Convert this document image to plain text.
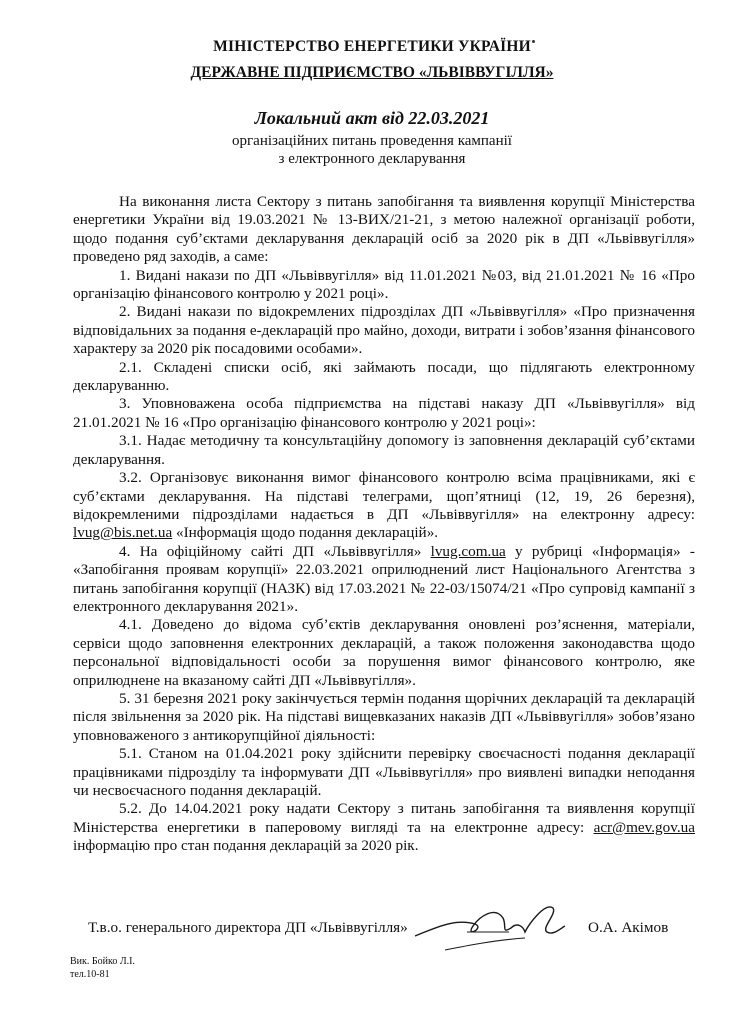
МІНІСТЕРСТВО ЕНЕРГЕТИКИ УКРАЇНИ
ДЕРЖАВНЕ ПІДПРИЄМСТВО «ЛЬВІВВУГІЛЛЯ»
Локальний акт від 22.03.2021
організаційних питань проведення кампанії
з електронного декларування

На виконання листа Сектору з питань запобігання та виявлення корупції Міністерства енергетики України від 19.03.2021 № 13-ВИХ/21-21, з метою належної організації роботи, щодо подання суб’єктами декларування декларацій осіб за 2020 рік в ДП «Львіввугілля» проведено ряд заходів, а саме:

1. Видані накази по ДП «Львіввугілля» від 11.01.2021 №03, від 21.01.2021 № 16 «Про організацію фінансового контролю у 2021 році».

2. Видані накази по відокремлених підрозділах ДП «Львіввугілля» «Про призначення відповідальних за подання е-декларацій про майно, доходи, витрати і зобов’язання фінансового характеру за 2020 рік посадовими особами».

2.1. Складені списки осіб, які займають посади, що підлягають електронному декларуванню.

3. Уповноважена особа підприємства на підставі наказу ДП «Львіввугілля» від 21.01.2021 № 16 «Про організацію фінансового контролю у 2021 році»:

3.1. Надає методичну та консультаційну допомогу із заповнення декларацій суб’єктами декларування.

3.2. Організовує виконання вимог фінансового контролю всіма працівниками, які є суб’єктами декларування. На підставі телеграми, щоп’ятниці (12, 19, 26 березня), відокремленими підрозділами надається в ДП «Львіввугілля» на електронну адресу: lvug@bis.net.ua «Інформація щодо подання декларацій».

4. На офіційному сайті ДП «Львіввугілля» lvug.com.ua у рубриці «Інформація» - «Запобігання проявам корупції» 22.03.2021 оприлюднений лист Національного Агентства з питань запобігання корупції (НАЗК) від 17.03.2021 № 22-03/15074/21 «Про супровід кампанії з електронного декларування 2021».

4.1. Доведено до відома суб’єктів декларування оновлені роз’яснення, матеріали, сервіси щодо заповнення електронних декларацій, а також положення законодавства щодо персональної відповідальності особи за порушення вимог фінансового контролю, яке оприлюднене на вказаному сайті ДП «Львіввугілля».

5. 31 березня 2021 року закінчується термін подання щорічних декларацій та декларацій після звільнення за 2020 рік. На підставі вищевказаних наказів ДП «Львіввугілля» зобов’язано уповноваженого з антикорупційної діяльності:

5.1. Станом на 01.04.2021 року здійснити перевірку своєчасності подання декларації працівниками підрозділу та інформувати ДП «Львіввугілля» про виявлені випадки неподання чи несвоєчасного подання декларацій.

5.2. До 14.04.2021 року надати Сектору з питань запобігання та виявлення корупції Міністерства енергетики в паперовому вигляді та на електронне адресу: acr@mev.gov.ua інформацію про стан подання декларацій за 2020 рік.

Т.в.о. генерального директора ДП «Львіввугілля»	О.А. Акімов
Вик. Бойко Л.І.
тел.10-81
